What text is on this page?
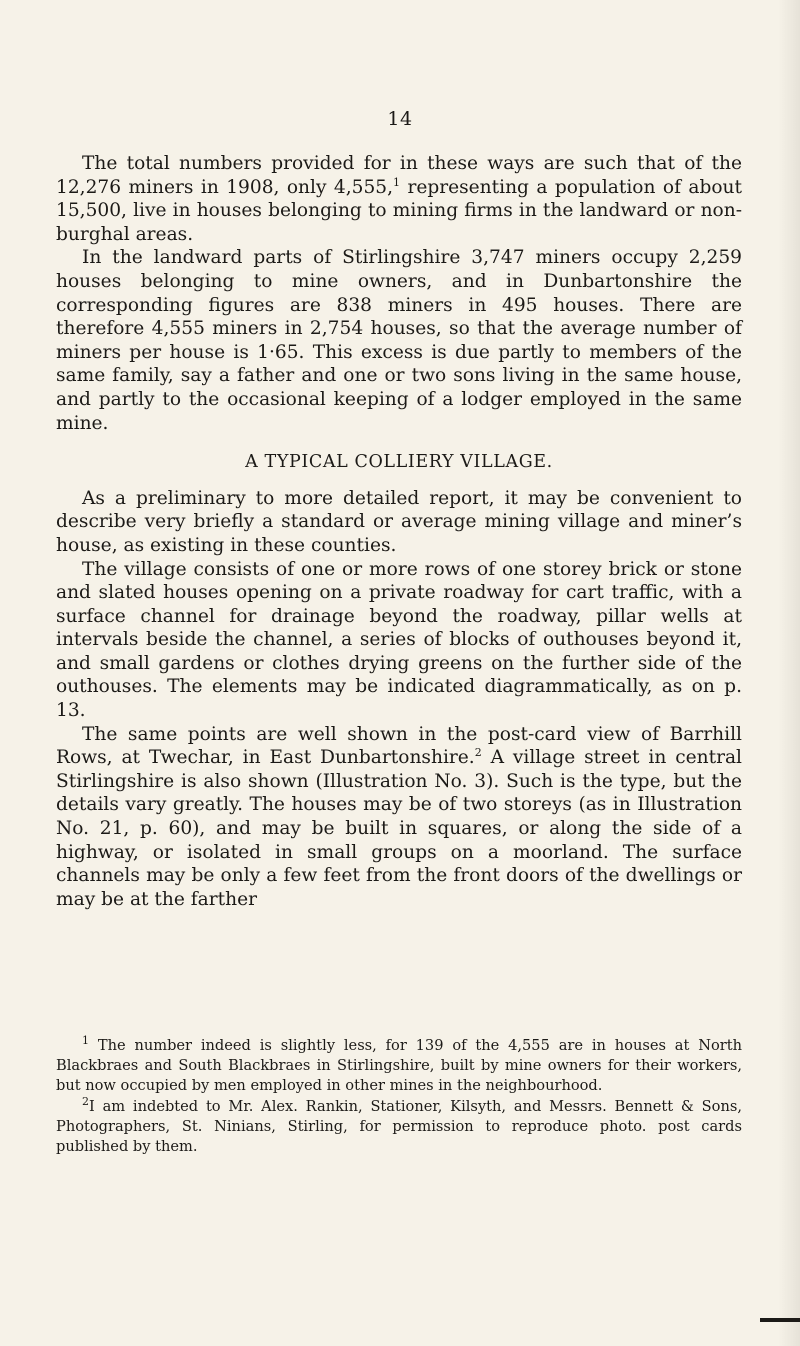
14

The total numbers provided for in these ways are such that of the 12,276 miners in 1908, only 4,555,$^1$ representing a population of about 15,500, live in houses belonging to mining firms in the landward or non-burghal areas.

In the landward parts of Stirlingshire 3,747 miners occupy 2,259 houses belonging to mine owners, and in Dunbartonshire the corresponding figures are 838 miners in 495 houses. There are therefore 4,555 miners in 2,754 houses, so that the average number of miners per house is 1·65. This excess is due partly to members of the same family, say a father and one or two sons living in the same house, and partly to the occasional keeping of a lodger employed in the same mine.

A TYPICAL COLLIERY VILLAGE.

As a preliminary to more detailed report, it may be convenient to describe very briefly a standard or average mining village and miner’s house, as existing in these counties.

The village consists of one or more rows of one storey brick or stone and slated houses opening on a private roadway for cart traffic, with a surface channel for drainage beyond the roadway, pillar wells at intervals beside the channel, a series of blocks of outhouses beyond it, and small gardens or clothes drying greens on the further side of the outhouses. The elements may be indicated diagrammatically, as on p. 13.

The same points are well shown in the post-card view of Barrhill Rows, at Twechar, in East Dunbartonshire.$^2$ A village street in central Stirlingshire is also shown (Illustration No. 3). Such is the type, but the details vary greatly. The houses may be of two storeys (as in Illustration No. 21, p. 60), and may be built in squares, or along the side of a highway, or isolated in small groups on a moorland. The surface channels may be only a few feet from the front doors of the dwellings or may be at the farther

$^1$ The number indeed is slightly less, for 139 of the 4,555 are in houses at North Blackbraes and South Blackbraes in Stirlingshire, built by mine owners for their workers, but now occupied by men employed in other mines in the neighbourhood.

$^2$I am indebted to Mr. Alex. Rankin, Stationer, Kilsyth, and Messrs. Bennett & Sons, Photographers, St. Ninians, Stirling, for permission to reproduce photo. post cards published by them.
